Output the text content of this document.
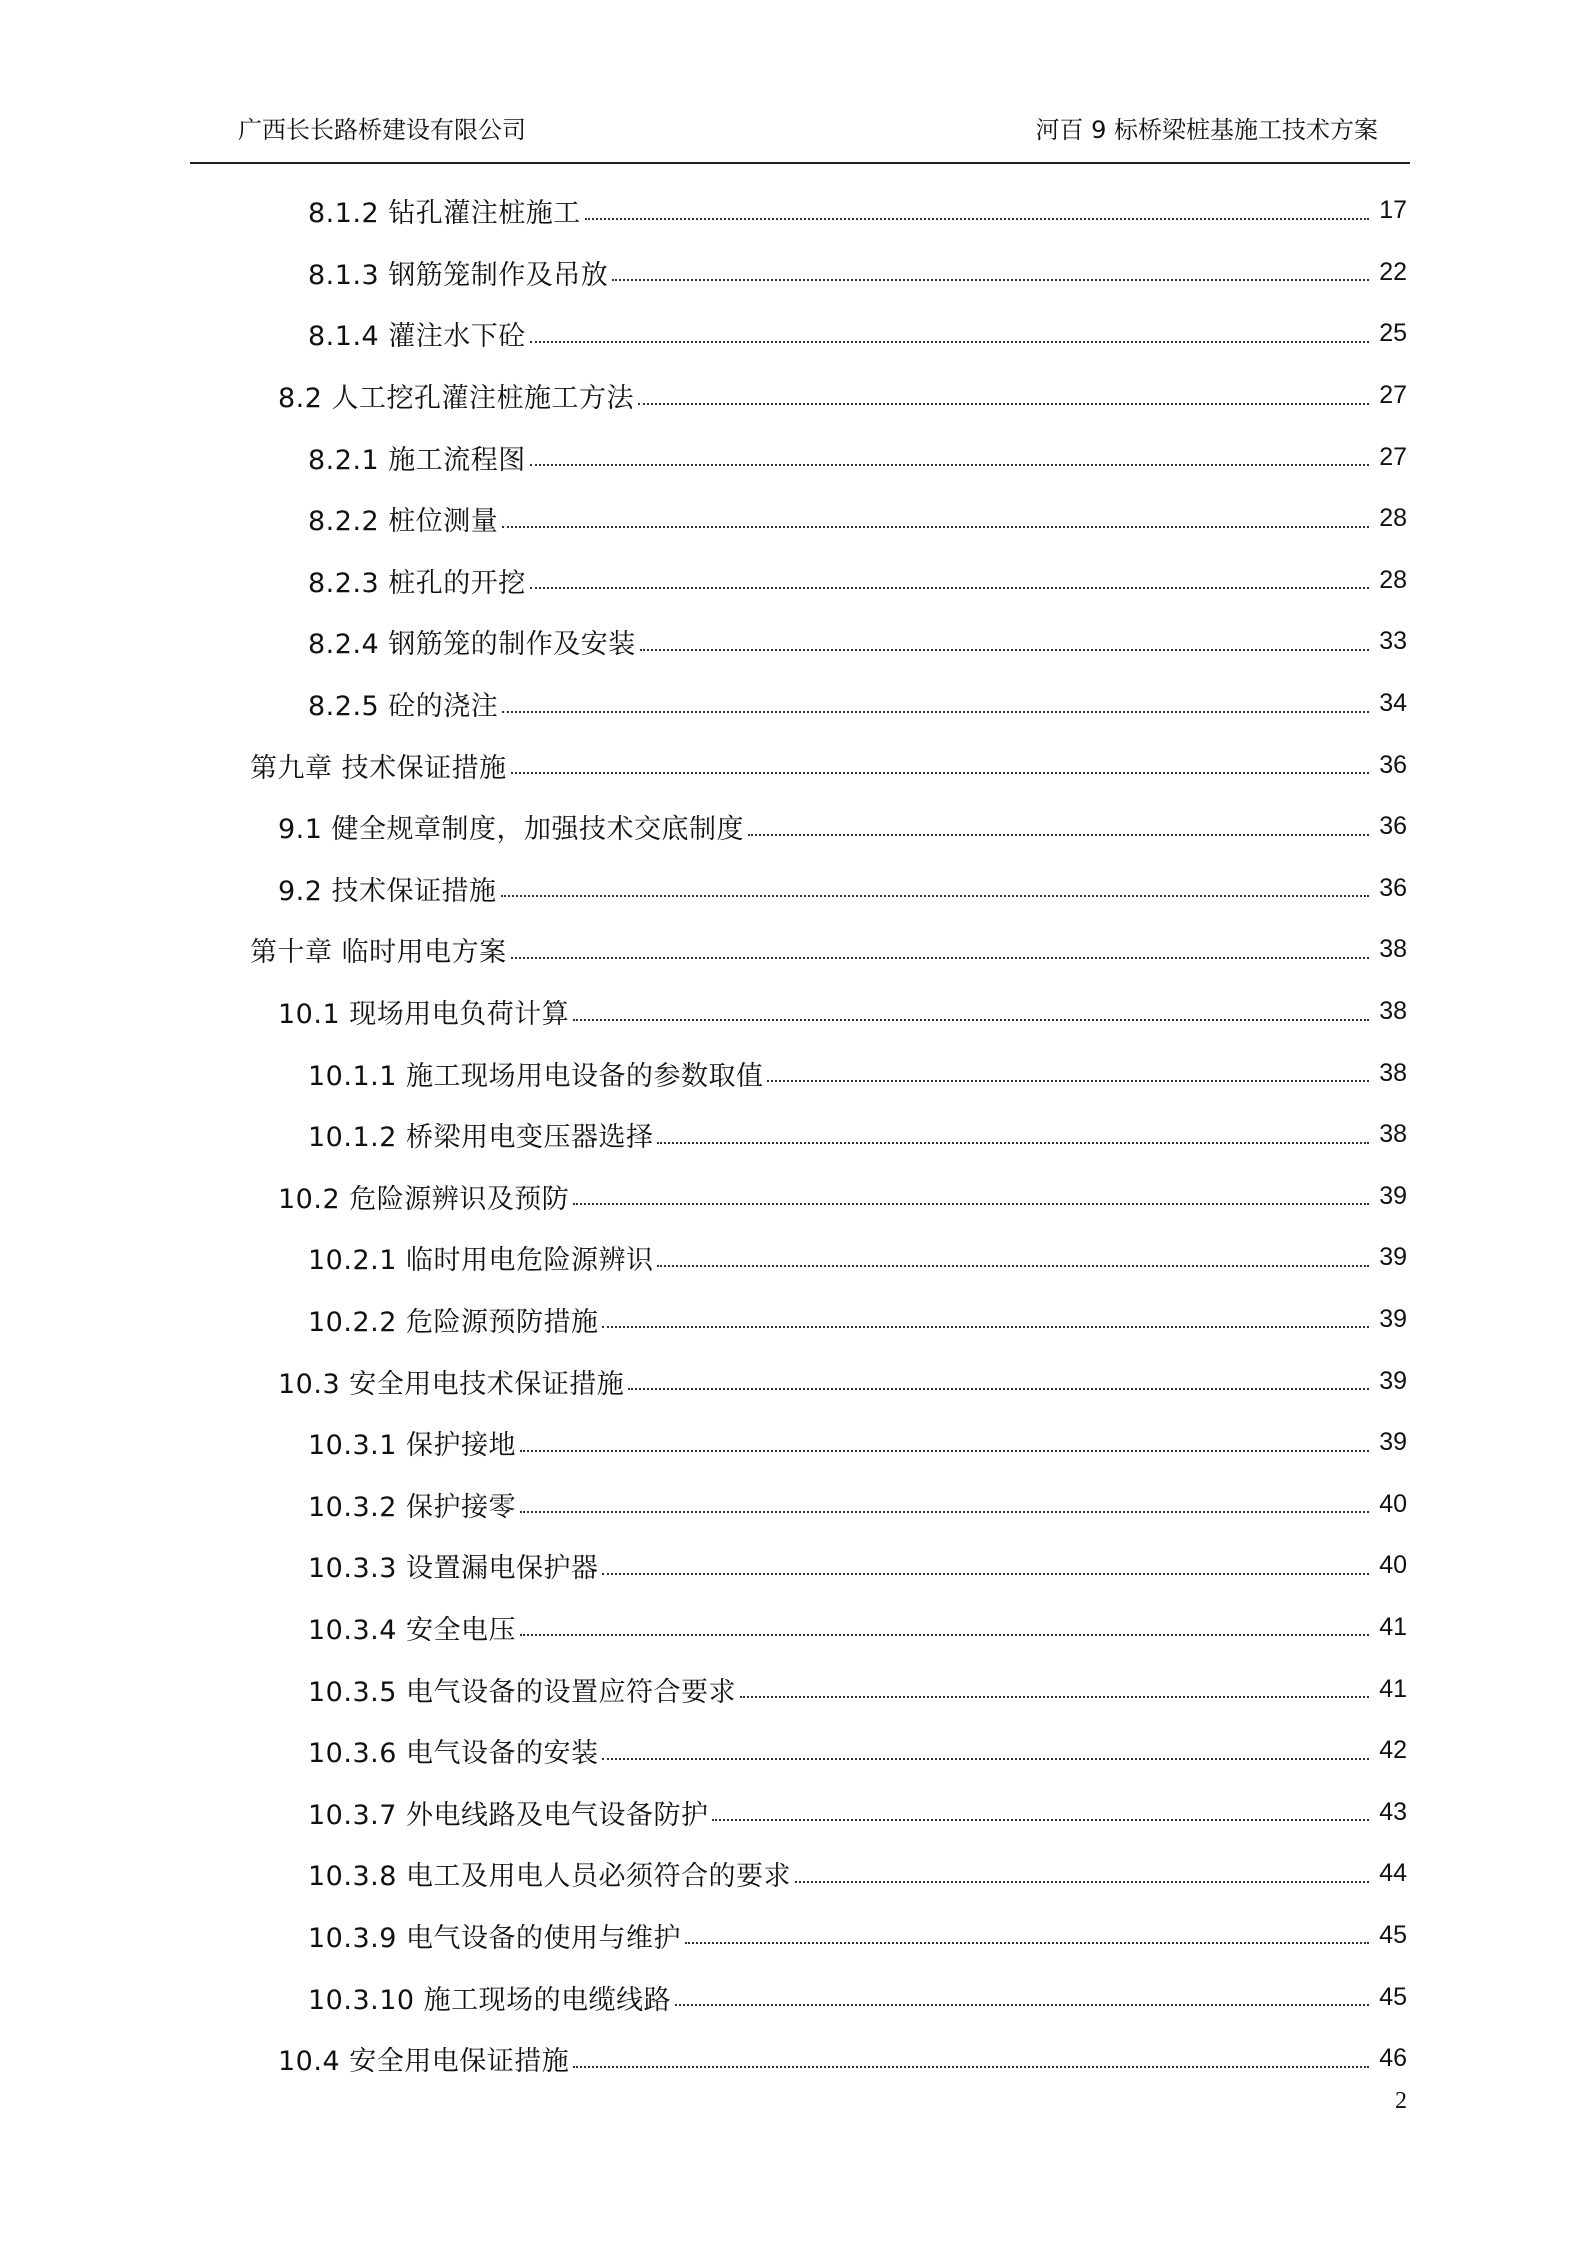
广西长长路桥建设有限公司	河百 9 标桥梁桩基施工技术方案
8.1.2 钻孔灌注桩施工	17
8.1.3 钢筋笼制作及吊放	22
8.1.4 灌注水下砼	25
8.2 人工挖孔灌注桩施工方法	27
8.2.1 施工流程图	27
8.2.2 桩位测量	28
8.2.3 桩孔的开挖	28
8.2.4 钢筋笼的制作及安装	33
8.2.5 砼的浇注	34
第九章 技术保证措施	36
9.1 健全规章制度，加强技术交底制度	36
9.2 技术保证措施	36
第十章 临时用电方案	38
10.1 现场用电负荷计算	38
10.1.1 施工现场用电设备的参数取值	38
10.1.2 桥梁用电变压器选择	38
10.2 危险源辨识及预防	39
10.2.1 临时用电危险源辨识	39
10.2.2 危险源预防措施	39
10.3 安全用电技术保证措施	39
10.3.1 保护接地	39
10.3.2 保护接零	40
10.3.3 设置漏电保护器	40
10.3.4 安全电压	41
10.3.5 电气设备的设置应符合要求	41
10.3.6 电气设备的安装	42
10.3.7 外电线路及电气设备防护	43
10.3.8 电工及用电人员必须符合的要求	44
10.3.9 电气设备的使用与维护	45
10.3.10 施工现场的电缆线路	45
10.4 安全用电保证措施	46
2
